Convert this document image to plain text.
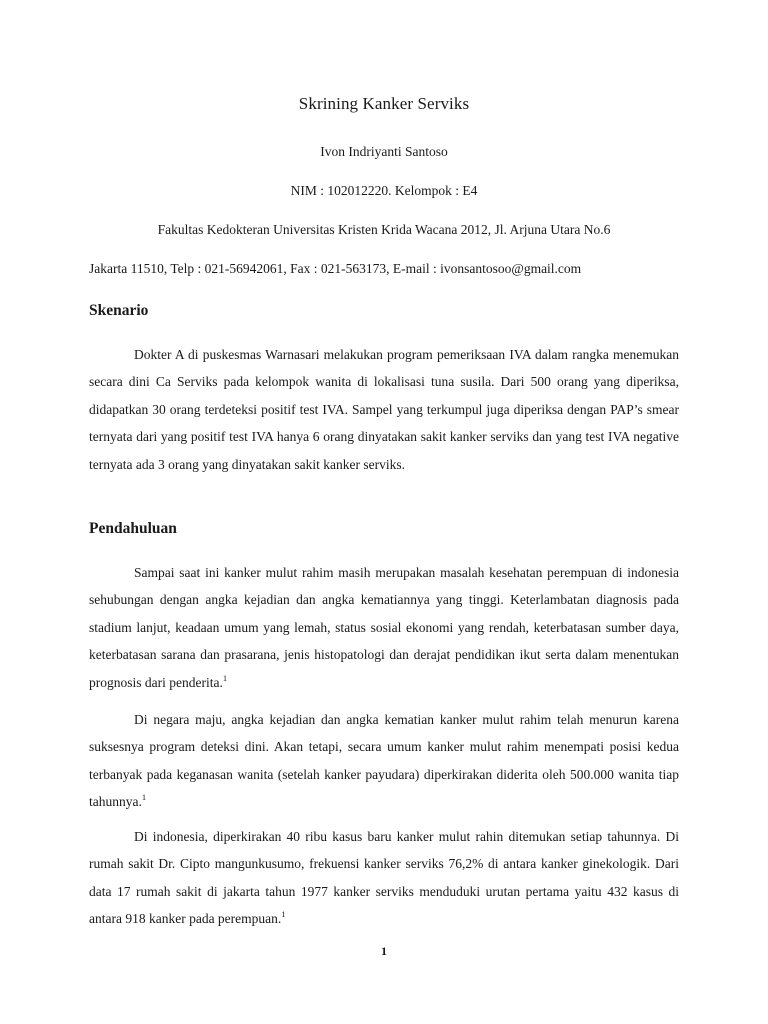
Skrining Kanker Serviks
Ivon Indriyanti Santoso
NIM : 102012220. Kelompok : E4
Fakultas Kedokteran Universitas Kristen Krida Wacana 2012, Jl. Arjuna Utara No.6
Jakarta 11510, Telp : 021-56942061, Fax : 021-563173, E-mail : ivonsantosoo@gmail.com
Skenario

Dokter A di puskesmas Warnasari melakukan program pemeriksaan IVA dalam rangka menemukan secara dini Ca Serviks pada kelompok wanita di lokalisasi tuna susila. Dari 500 orang yang diperiksa, didapatkan 30 orang terdeteksi positif test IVA. Sampel yang terkumpul juga diperiksa dengan PAP’s smear ternyata dari yang positif test IVA hanya 6 orang dinyatakan sakit kanker serviks dan yang test IVA negative ternyata ada 3 orang yang dinyatakan sakit kanker serviks.

Pendahuluan

Sampai saat ini kanker mulut rahim masih merupakan masalah kesehatan perempuan di indonesia sehubungan dengan angka kejadian dan angka kematiannya yang tinggi. Keterlambatan diagnosis pada stadium lanjut, keadaan umum yang lemah, status sosial ekonomi yang rendah, keterbatasan sumber daya, keterbatasan sarana dan prasarana, jenis histopatologi dan derajat pendidikan ikut serta dalam menentukan prognosis dari penderita.$^1$

Di negara maju, angka kejadian dan angka kematian kanker mulut rahim telah menurun karena suksesnya program deteksi dini. Akan tetapi, secara umum kanker mulut rahim menempati posisi kedua terbanyak pada keganasan wanita (setelah kanker payudara) diperkirakan diderita oleh 500.000 wanita tiap tahunnya.$^1$

Di indonesia, diperkirakan 40 ribu kasus baru kanker mulut rahin ditemukan setiap tahunnya. Di rumah sakit Dr. Cipto mangunkusumo, frekuensi kanker serviks 76,2% di antara kanker ginekologik. Dari data 17 rumah sakit di jakarta tahun 1977 kanker serviks menduduki urutan pertama yaitu 432 kasus di antara 918 kanker pada perempuan.$^1$

1
